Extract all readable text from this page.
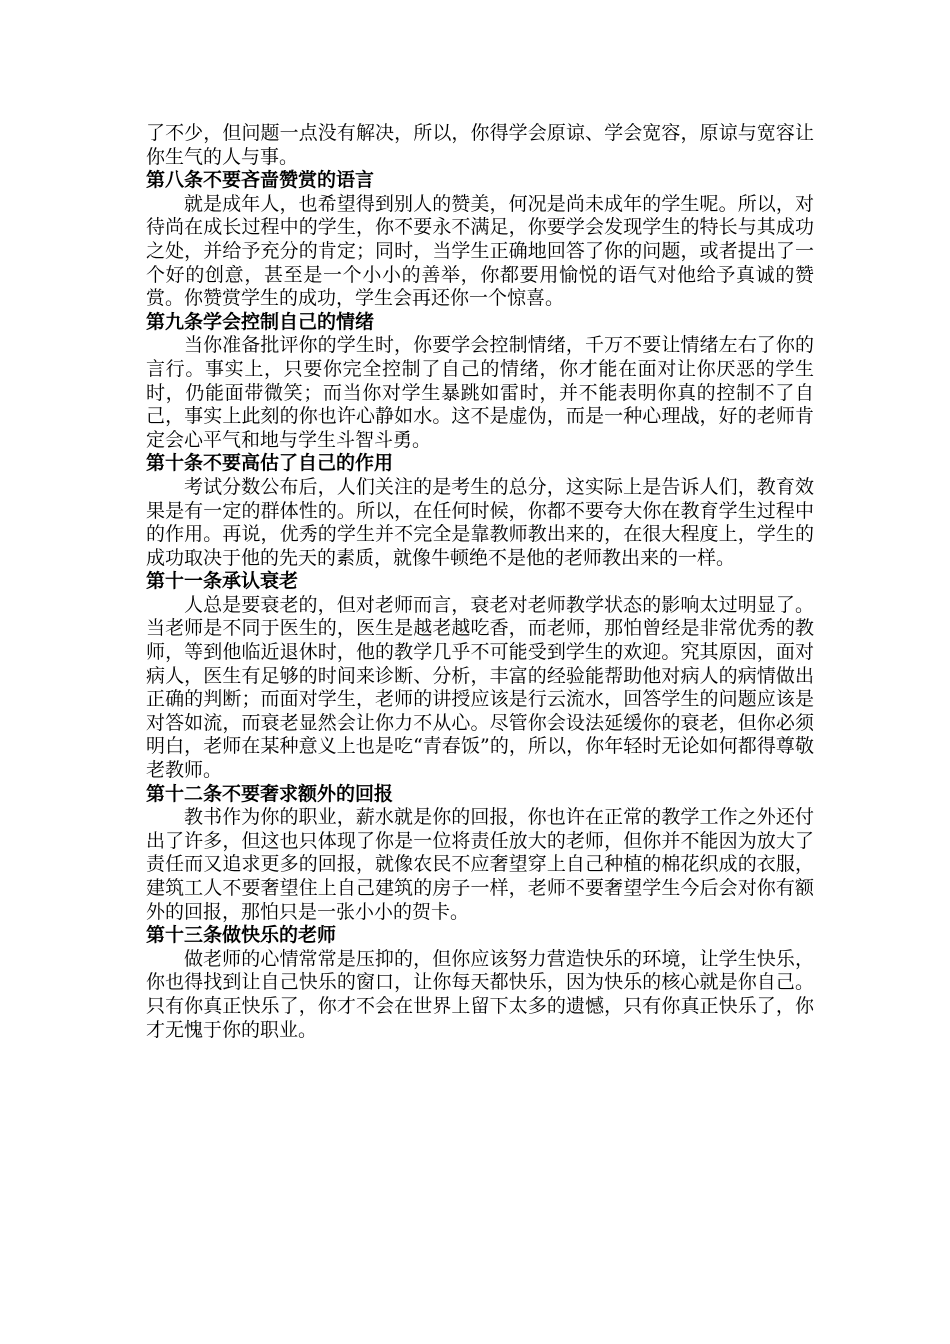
了不少，但问题一点没有解决，所以，你得学会原谅、学会宽容，原谅与宽容让你生气的人与事。

第八条不要吝啬赞赏的语言

就是成年人，也希望得到别人的赞美，何况是尚未成年的学生呢。所以，对待尚在成长过程中的学生，你不要永不满足，你要学会发现学生的特长与其成功之处，并给予充分的肯定；同时，当学生正确地回答了你的问题，或者提出了一个好的创意，甚至是一个小小的善举，你都要用愉悦的语气对他给予真诚的赞赏。你赞赏学生的成功，学生会再还你一个惊喜。

第九条学会控制自己的情绪

当你准备批评你的学生时，你要学会控制情绪，千万不要让情绪左右了你的言行。事实上，只要你完全控制了自己的情绪，你才能在面对让你厌恶的学生时，仍能面带微笑；而当你对学生暴跳如雷时，并不能表明你真的控制不了自己，事实上此刻的你也许心静如水。这不是虚伪，而是一种心理战，好的老师肯定会心平气和地与学生斗智斗勇。

第十条不要高估了自己的作用

考试分数公布后，人们关注的是考生的总分，这实际上是告诉人们，教育效果是有一定的群体性的。所以，在任何时候，你都不要夸大你在教育学生过程中的作用。再说，优秀的学生并不完全是靠教师教出来的，在很大程度上，学生的成功取决于他的先天的素质，就像牛顿绝不是他的老师教出来的一样。

第十一条承认衰老

人总是要衰老的，但对老师而言，衰老对老师教学状态的影响太过明显了。当老师是不同于医生的，医生是越老越吃香，而老师，那怕曾经是非常优秀的教师，等到他临近退休时，他的教学几乎不可能受到学生的欢迎。究其原因，面对病人，医生有足够的时间来诊断、分析，丰富的经验能帮助他对病人的病情做出正确的判断；而面对学生，老师的讲授应该是行云流水，回答学生的问题应该是对答如流，而衰老显然会让你力不从心。尽管你会设法延缓你的衰老，但你必须明白，老师在某种意义上也是吃“青春饭”的，所以，你年轻时无论如何都得尊敬老教师。

第十二条不要奢求额外的回报

教书作为你的职业，薪水就是你的回报，你也许在正常的教学工作之外还付出了许多，但这也只体现了你是一位将责任放大的老师，但你并不能因为放大了责任而又追求更多的回报，就像农民不应奢望穿上自己种植的棉花织成的衣服，建筑工人不要奢望住上自己建筑的房子一样，老师不要奢望学生今后会对你有额外的回报，那怕只是一张小小的贺卡。

第十三条做快乐的老师

做老师的心情常常是压抑的，但你应该努力营造快乐的环境，让学生快乐，你也得找到让自己快乐的窗口，让你每天都快乐，因为快乐的核心就是你自己。只有你真正快乐了，你才不会在世界上留下太多的遗憾，只有你真正快乐了，你才无愧于你的职业。
